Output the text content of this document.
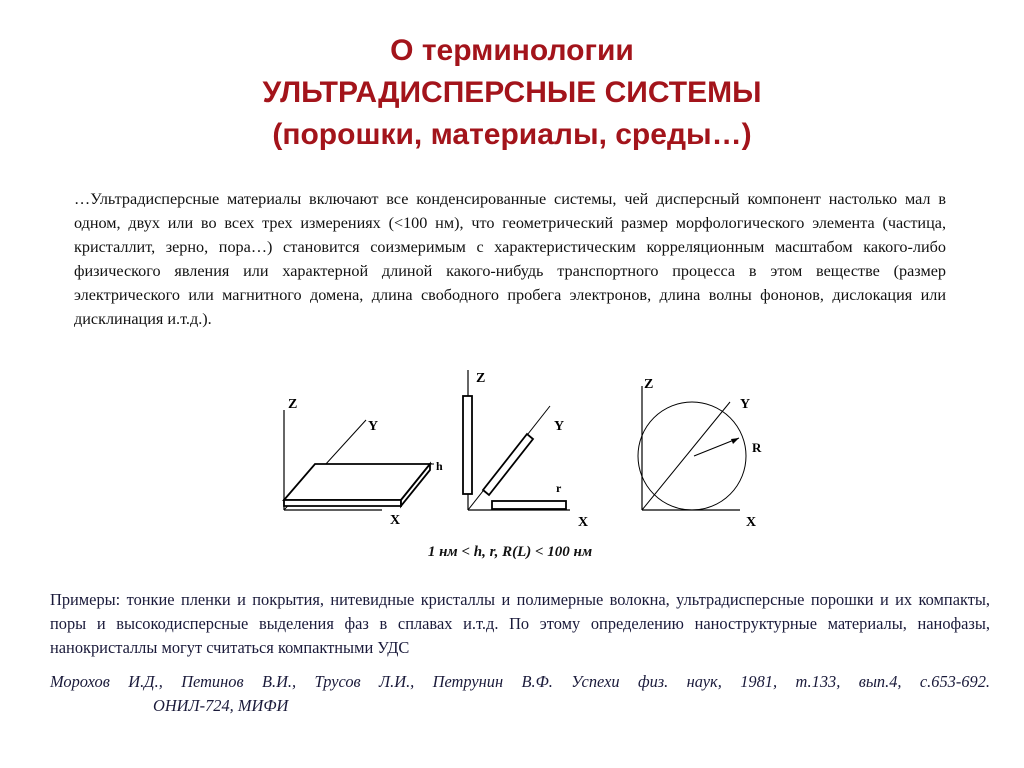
О терминологии
УЛЬТРАДИСПЕРСНЫЕ СИСТЕМЫ
(порошки, материалы, среды…)
…Ультрадисперсные материалы включают все конденсированные системы, чей дисперсный компонент настолько мал в одном, двух или во всех трех измерениях (<100 нм), что геометрический размер морфологического элемента (частица, кристаллит, зерно, пора…) становится соизмеримым с характеристическим корреляционным масштабом какого-либо физического явления или характерной длиной какого-нибудь транспортного процесса в этом веществе (размер электрического или магнитного домена, длина свободного пробега электронов, длина волны фононов, дислокация или дисклинация и.т.д.).
Z
Y
X
h
Z
Y
X
r
Z
Y
X
R
1 нм < h, r, R(L) < 100 нм
Примеры: тонкие пленки и покрытия, нитевидные кристаллы и полимерные волокна, ультрадисперсные порошки и их компакты, поры и высокодисперсные выделения фаз в сплавах и.т.д. По этому определению наноструктурные материалы, нанофазы, нанокристаллы могут считаться компактными УДС
Морохов И.Д., Петинов В.И., Трусов Л.И., Петрунин В.Ф. Успехи физ. наук, 1981, т.133, вып.4, с.653-692.
ОНИЛ-724, МИФИ
